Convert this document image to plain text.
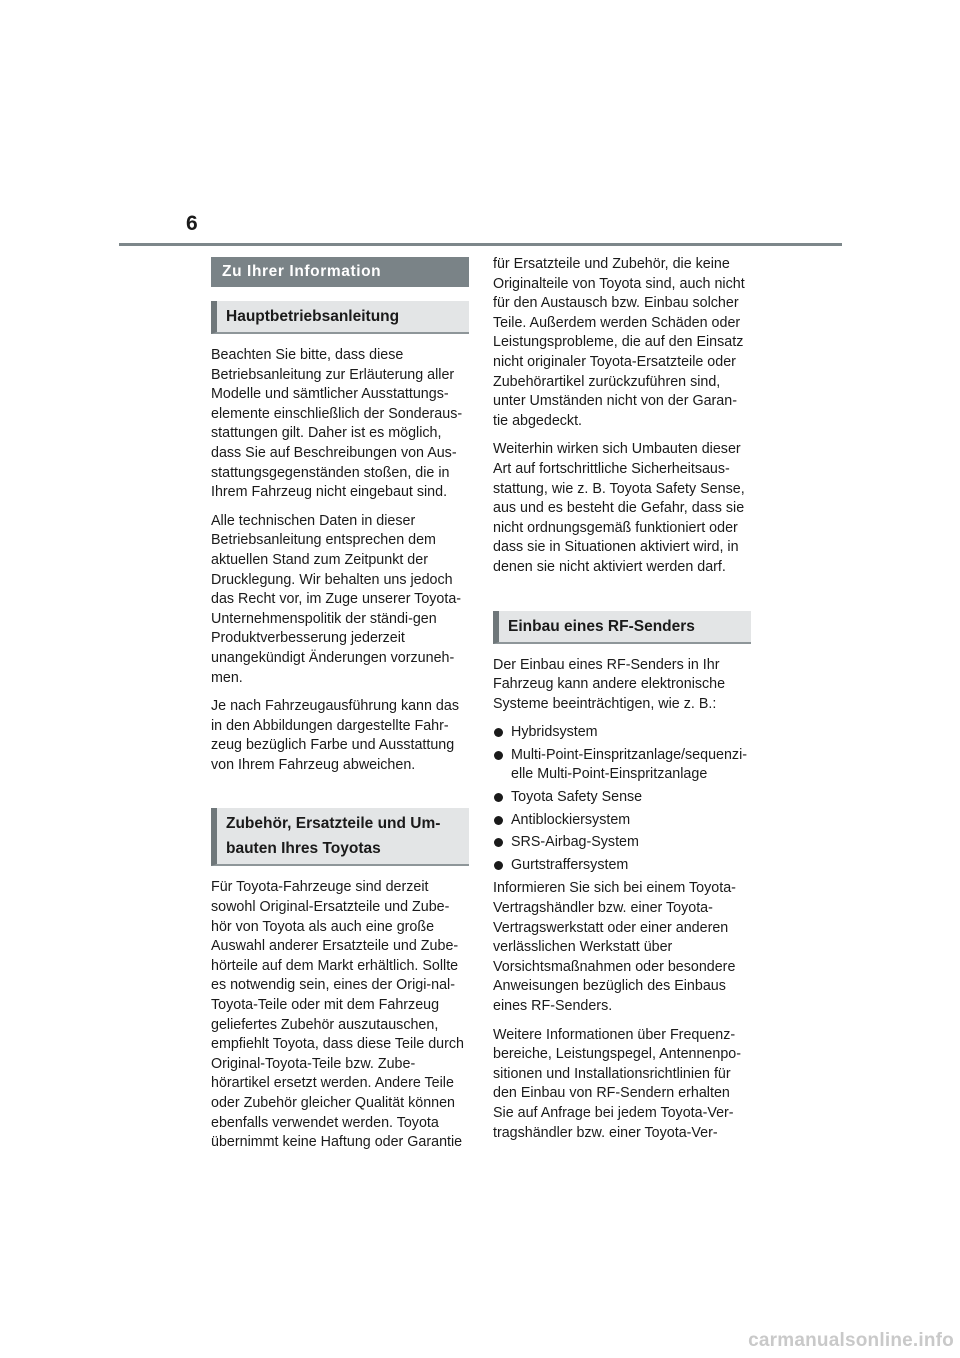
6
Zu Ihrer Information
Hauptbetriebsanleitung

Beachten Sie bitte, dass diese Betriebsanleitung zur Erläuterung aller Modelle und sämtlicher Ausstattungs-elemente einschließlich der Sonderaus-stattungen gilt. Daher ist es möglich, dass Sie auf Beschreibungen von Aus-stattungsgegenständen stoßen, die in Ihrem Fahrzeug nicht eingebaut sind.

Alle technischen Daten in dieser Betriebsanleitung entsprechen dem aktuellen Stand zum Zeitpunkt der Drucklegung. Wir behalten uns jedoch das Recht vor, im Zuge unserer Toyota-Unternehmenspolitik der ständi-gen Produktverbesserung jederzeit unangekündigt Änderungen vorzuneh-men.

Je nach Fahrzeugausführung kann das in den Abbildungen dargestellte Fahr-zeug bezüglich Farbe und Ausstattung von Ihrem Fahrzeug abweichen.

Zubehör, Ersatzteile und Um-bauten Ihres Toyotas

Für Toyota-Fahrzeuge sind derzeit sowohl Original-Ersatzteile und Zube-hör von Toyota als auch eine große Auswahl anderer Ersatzteile und Zube-hörteile auf dem Markt erhältlich. Sollte es notwendig sein, eines der Origi-nal-Toyota-Teile oder mit dem Fahrzeug geliefertes Zubehör auszutauschen, empfiehlt Toyota, dass diese Teile durch Original-Toyota-Teile bzw. Zube-hörartikel ersetzt werden. Andere Teile oder Zubehör gleicher Qualität können ebenfalls verwendet werden. Toyota übernimmt keine Haftung oder Garantie

für Ersatzteile und Zubehör, die keine Originalteile von Toyota sind, auch nicht für den Austausch bzw. Einbau solcher Teile. Außerdem werden Schäden oder Leistungsprobleme, die auf den Einsatz nicht originaler Toyota-Ersatzteile oder Zubehörartikel zurückzuführen sind, unter Umständen nicht von der Garan-tie abgedeckt.

Weiterhin wirken sich Umbauten dieser Art auf fortschrittliche Sicherheitsaus-stattung, wie z. B. Toyota Safety Sense, aus und es besteht die Gefahr, dass sie nicht ordnungsgemäß funktioniert oder dass sie in Situationen aktiviert wird, in denen sie nicht aktiviert werden darf.

Einbau eines RF-Senders

Der Einbau eines RF-Senders in Ihr Fahrzeug kann andere elektronische Systeme beeinträchtigen, wie z. B.:

Hybridsystem
Multi-Point-Einspritzanlage/sequenzi-elle Multi-Point-Einspritzanlage
Toyota Safety Sense
Antiblockiersystem
SRS-Airbag-System
Gurtstraffersystem

Informieren Sie sich bei einem Toyota-Vertragshändler bzw. einer Toyota-Vertragswerkstatt oder einer anderen verlässlichen Werkstatt über Vorsichtsmaßnahmen oder besondere Anweisungen bezüglich des Einbaus eines RF-Senders.

Weitere Informationen über Frequenz-bereiche, Leistungspegel, Antennenpo-sitionen und Installationsrichtlinien für den Einbau von RF-Sendern erhalten Sie auf Anfrage bei jedem Toyota-Ver-tragshändler bzw. einer Toyota-Ver-

carmanualsonline.info
